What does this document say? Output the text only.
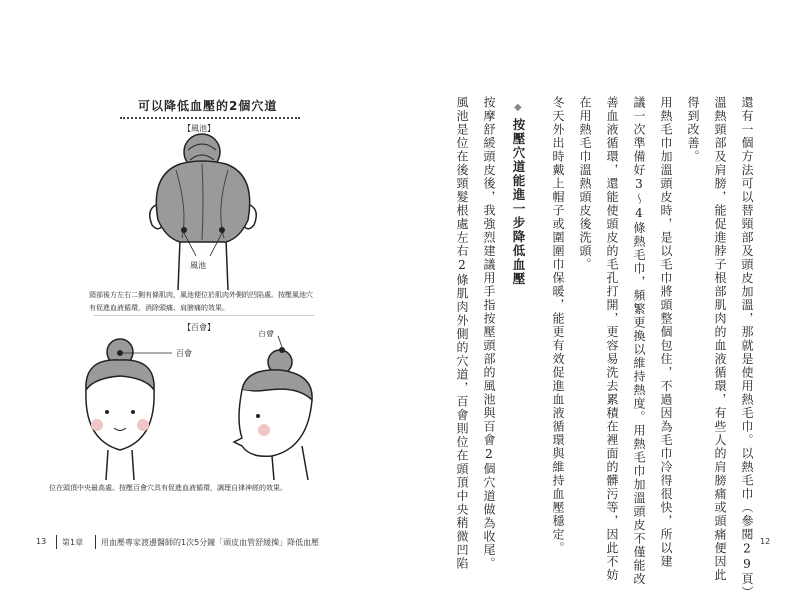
可以降低血壓的2個穴道
【風池】
風池
頸部後方左右二側有條肌肉，風池便位於肌肉外側的凹陷處。按壓風池穴有促進血液循環，消除頭痛、肩膀痛的效果。
【百會】
百會
百會
位在頭頂中央最高處。按壓百會穴具有促進血液循環，調理自律神經的效果。	還有一個方法可以替頸部及頭皮加溫，那就是使用熱毛巾。以熱毛巾（參閱29頁）
溫熱頸部及肩膀，能促進脖子根部肌肉的血液循環，有些人的肩膀痛或頭痛便因此
得到改善。
用熱毛巾加溫頭皮時，是以毛巾將頭整個包住，不過因為毛巾冷得很快，所以建
議一次準備好3～4條熱毛巾，頻繁更換以維持熱度。用熱毛巾加溫頭皮不僅能改
善血液循環，還能使頭皮的毛孔打開，更容易洗去累積在裡面的髒污等，因此不妨
在用熱毛巾溫熱頭皮後洗頭。
冬天外出時戴上帽子或圍圍巾保暖，能更有效促進血液循環與維持血壓穩定。
◆
按壓穴道能進一步降低血壓
按摩舒緩頭皮後，我強烈建議用手指按壓頭部的風池與百會2個穴道做為收尾。
風池是位在後頸髮根處左右2條肌肉外側的穴道，百會則位在頭頂中央稍微凹陷
13 第1章 用血壓專家渡邊醫師的1次5分鐘「頭皮血管舒緩操」降低血壓	12
